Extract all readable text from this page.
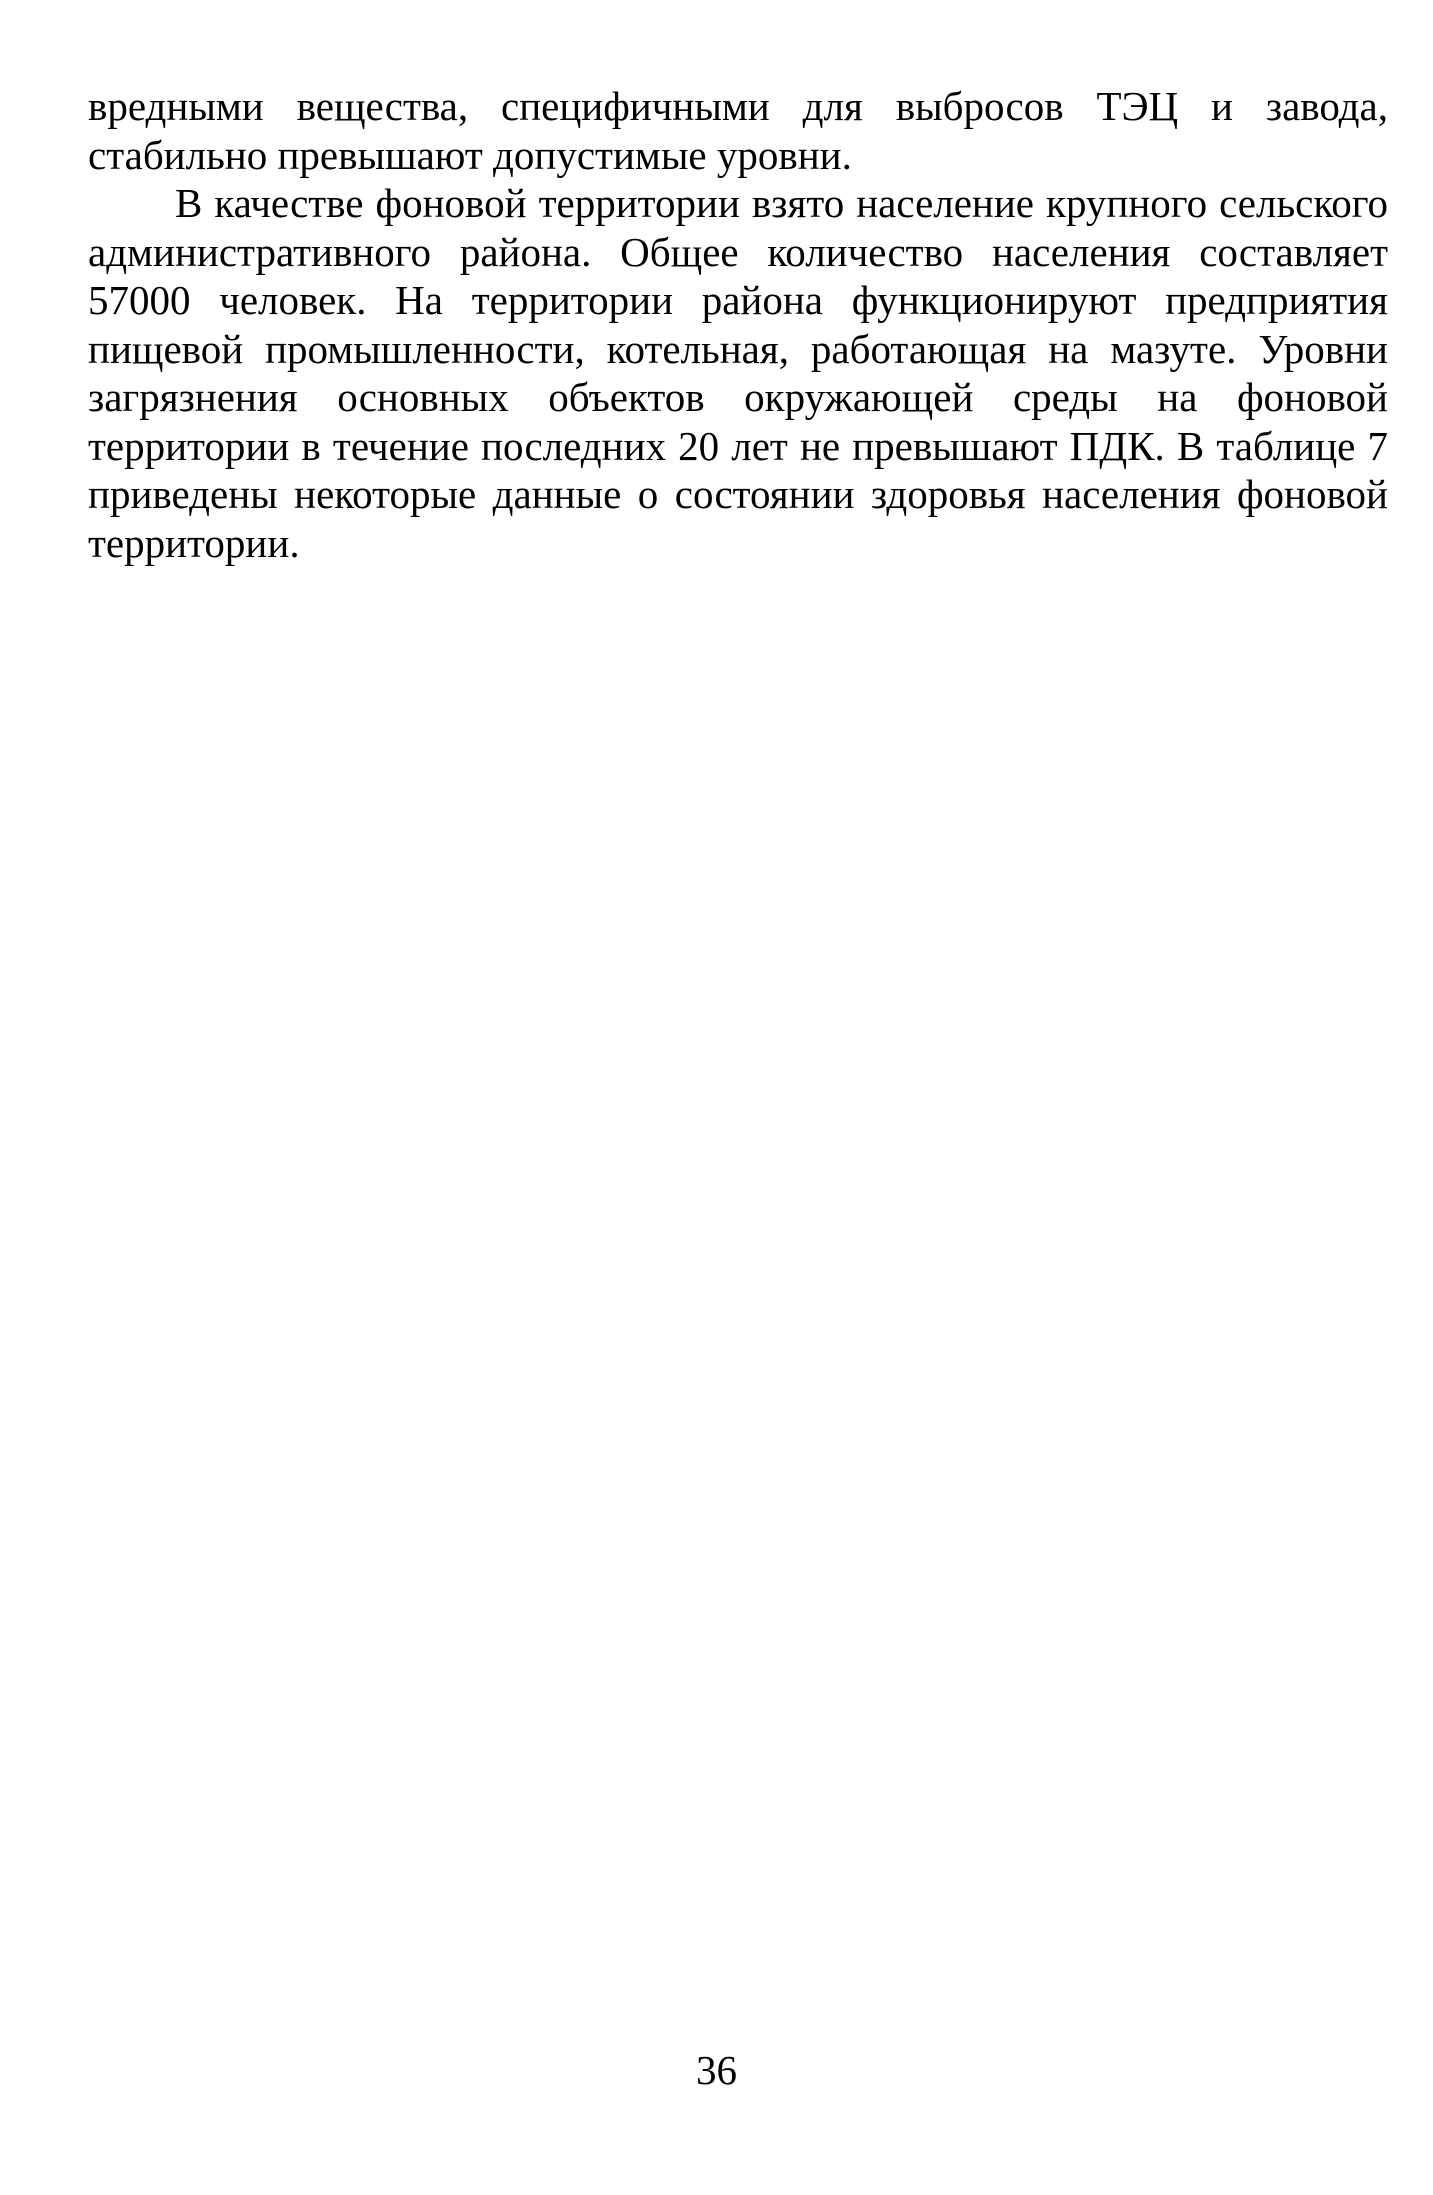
вредными вещества, специфичными для выбросов ТЭЦ и завода, стабильно превышают допустимые уровни.

В качестве фоновой территории взято население крупного сельского административного района. Общее количество населения составляет 57000 человек. На территории района функционируют предприятия пищевой промышленности, котельная, работающая на мазуте. Уровни загрязнения основных объектов окружающей среды на фоновой территории в течение последних 20 лет не превышают ПДК. В таблице 7 приведены некоторые данные о состоянии здоровья населения фоновой территории.

36
